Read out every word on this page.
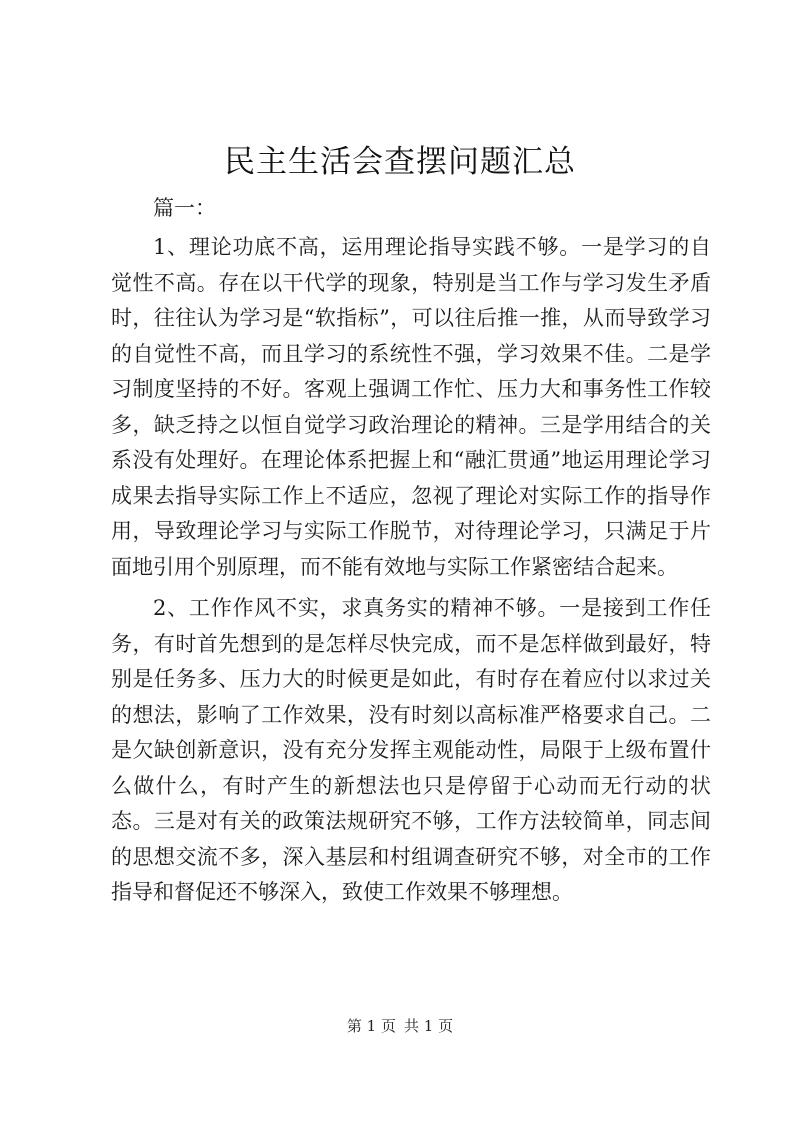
民主生活会查摆问题汇总

篇一：

1、理论功底不高，运用理论指导实践不够。一是学习的自觉性不高。存在以干代学的现象，特别是当工作与学习发生矛盾时，往往认为学习是“软指标”，可以往后推一推，从而导致学习的自觉性不高，而且学习的系统性不强，学习效果不佳。二是学习制度坚持的不好。客观上强调工作忙、压力大和事务性工作较多，缺乏持之以恒自觉学习政治理论的精神。三是学用结合的关系没有处理好。在理论体系把握上和“融汇贯通”地运用理论学习成果去指导实际工作上不适应，忽视了理论对实际工作的指导作用，导致理论学习与实际工作脱节，对待理论学习，只满足于片面地引用个别原理，而不能有效地与实际工作紧密结合起来。

2、工作作风不实，求真务实的精神不够。一是接到工作任务，有时首先想到的是怎样尽快完成，而不是怎样做到最好，特别是任务多、压力大的时候更是如此，有时存在着应付以求过关的想法，影响了工作效果，没有时刻以高标准严格要求自己。二是欠缺创新意识，没有充分发挥主观能动性，局限于上级布置什么做什么，有时产生的新想法也只是停留于心动而无行动的状态。三是对有关的政策法规研究不够，工作方法较简单，同志间的思想交流不多，深入基层和村组调查研究不够，对全市的工作指导和督促还不够深入，致使工作效果不够理想。

第 1 页 共 1 页
